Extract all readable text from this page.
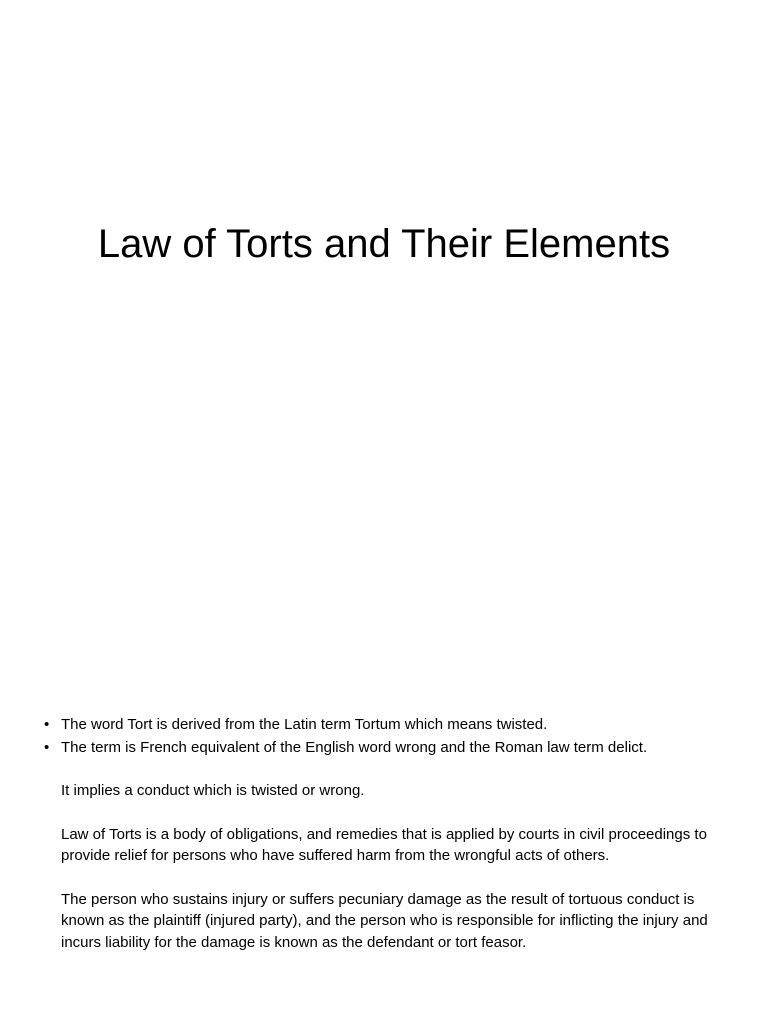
Law of Torts and Their Elements
• The word Tort is derived from the Latin term Tortum which means twisted.
• The term is French equivalent of the English word wrong and the Roman law term delict.

It implies a conduct which is twisted or wrong.

Law of Torts is a body of obligations, and remedies that is applied by courts in civil proceedings to provide relief for persons who have suffered harm from the wrongful acts of others.

The person who sustains injury or suffers pecuniary damage as the result of tortuous conduct is known as the plaintiff (injured party), and the person who is responsible for inflicting the injury and incurs liability for the damage is known as the defendant or tort feasor.
